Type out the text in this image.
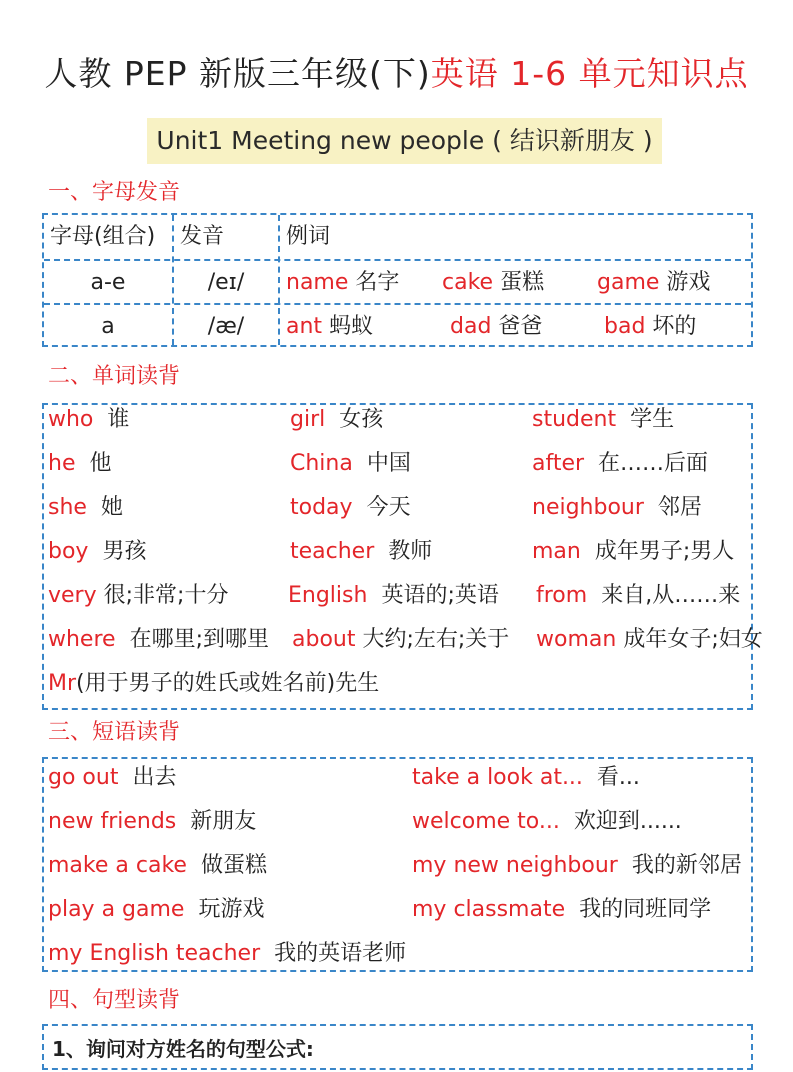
人教 PEP 新版三年级(下)英语 1-6 单元知识点
Unit1 Meeting new people ( 结识新朋友 )
一、字母发音
字母(组合)	发音	例词
a-e	/eɪ/	name 名字 cake 蛋糕 game 游戏
a	/æ/	ant 蚂蚁	dad 爸爸	bad 坏的
二、单词读背
who 谁	girl 女孩	student 学生
he 他	China 中国	after 在……后面
she 她	today 今天	neighbour 邻居
boy 男孩	teacher 教师	man 成年男子;男人
very 很;非常;十分	English 英语的;英语 from 来自,从……来
where 在哪里;到哪里 about 大约;左右;关于 woman 成年女子;妇女
Mr(用于男子的姓氏或姓名前)先生
三、短语读背
go out 出去	take a look at... 看...
new friends 新朋友	welcome to... 欢迎到......
make a cake 做蛋糕	my new neighbour 我的新邻居
play a game 玩游戏	my classmate 我的同班同学
my English teacher 我的英语老师
四、句型读背
1、询问对方姓名的句型公式:
